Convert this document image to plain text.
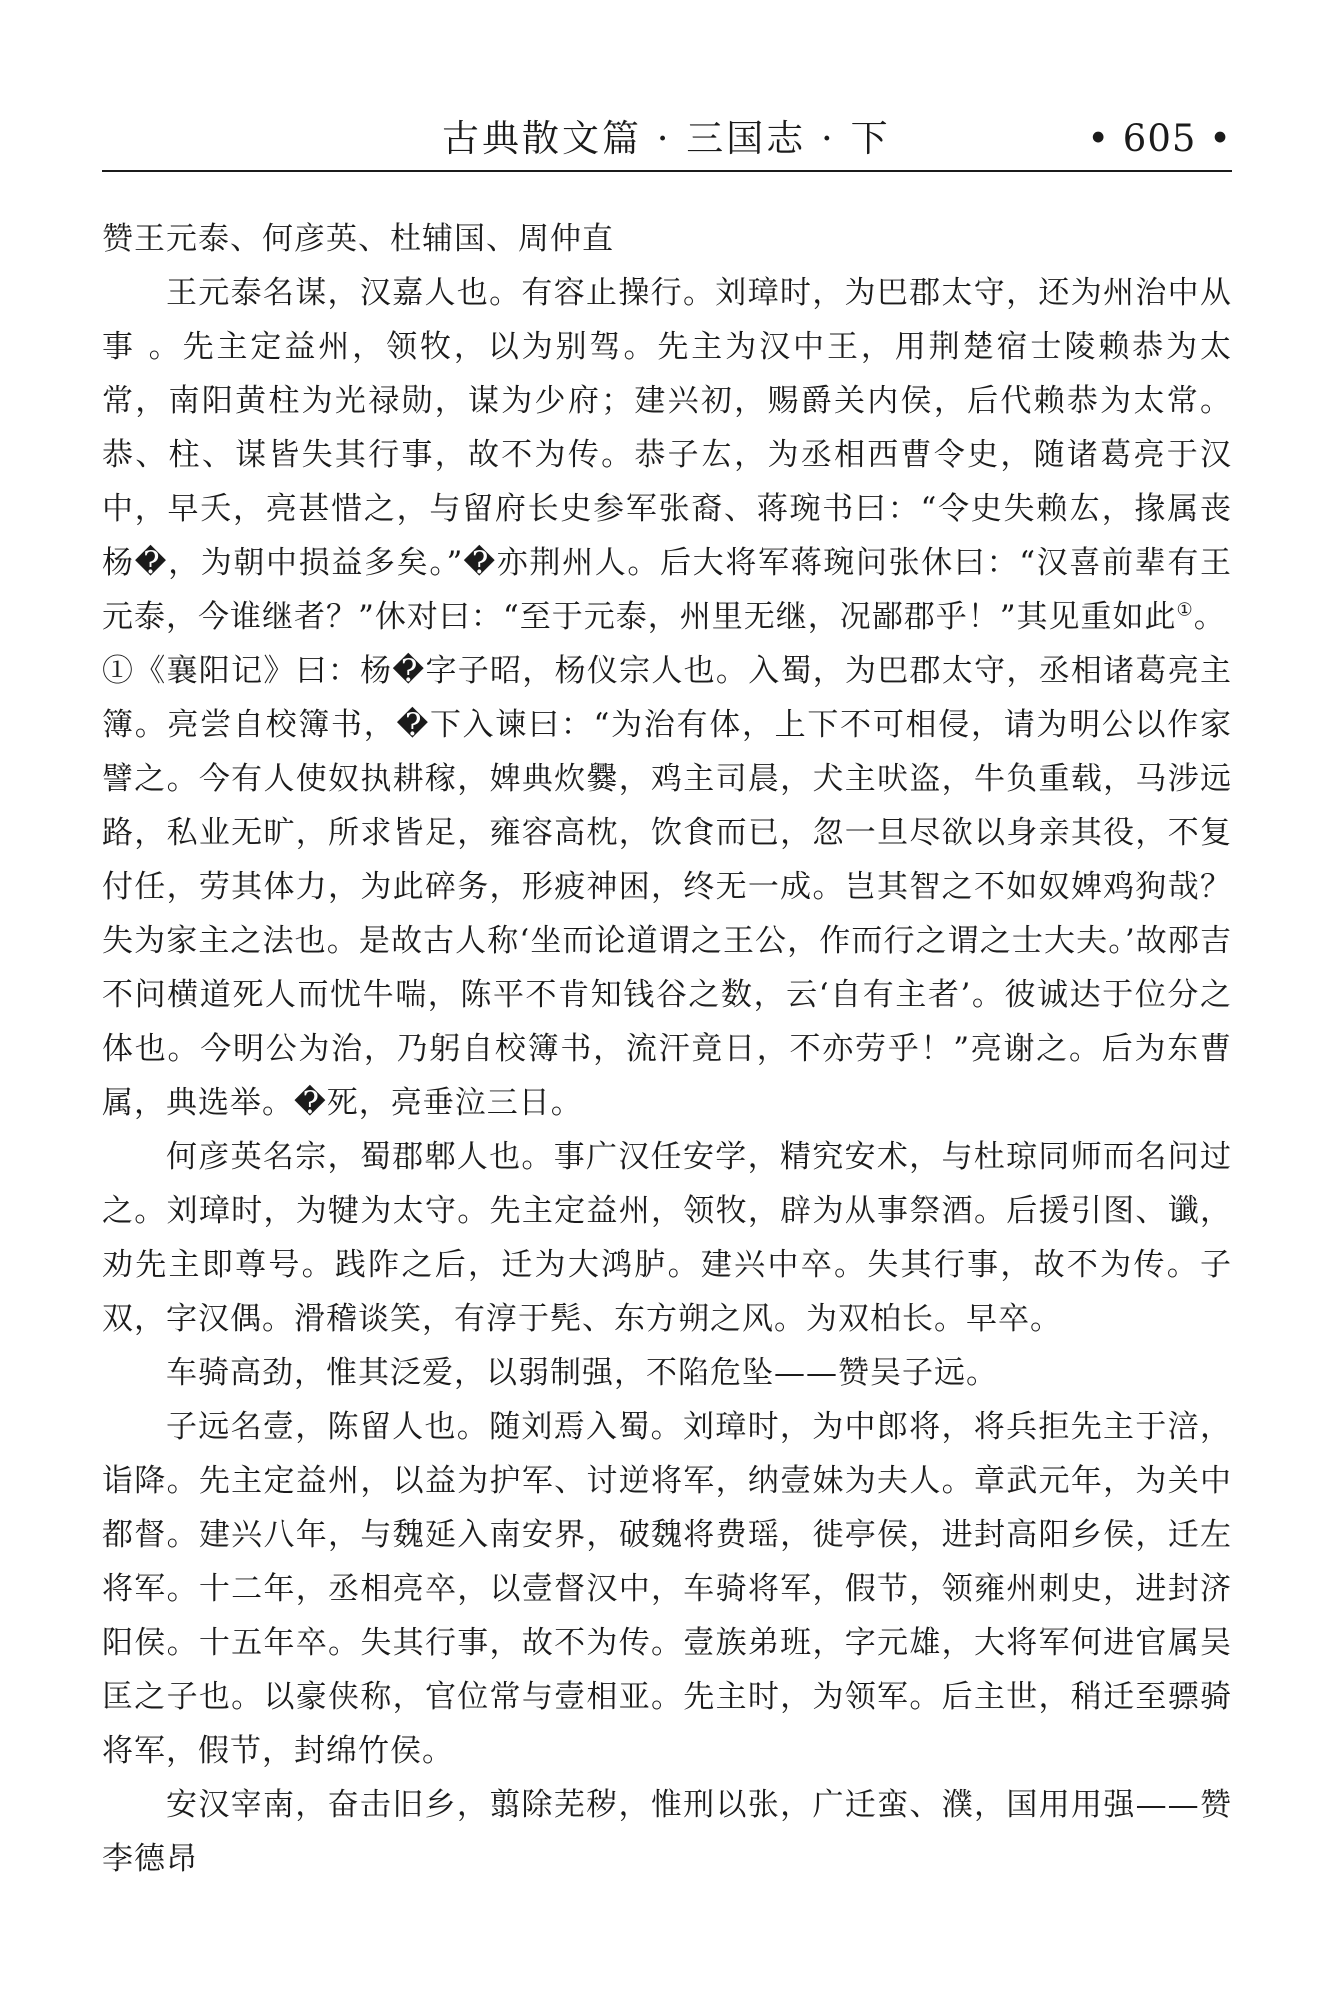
古典散文篇 · 三国志 · 下	• 605 •

赞王元泰、何彦英、杜辅国、周仲直

王元泰名谋，汉嘉人也。有容止操行。刘璋时，为巴郡太守，还为州治中从事 。先主定益州，领牧，以为别驾。先主为汉中王，用荆楚宿士陵赖恭为太常，南阳黄柱为光禄勋，谋为少府；建兴初，赐爵关内侯，后代赖恭为太常。恭、柱、谋皆失其行事，故不为传。恭子厷，为丞相西曹令史，随诸葛亮于汉中，早夭，亮甚惜之，与留府长史参军张裔、蒋琬书曰：“令史失赖厷，掾属丧杨�，为朝中损益多矣。”�亦荆州人。后大将军蒋琬问张休曰：“汉喜前辈有王元泰，今谁继者？”休对曰：“至于元泰，州里无继，况鄙郡乎！”其见重如此①。

①《襄阳记》曰：杨�字子昭，杨仪宗人也。入蜀，为巴郡太守，丞相诸葛亮主簿。亮尝自校簿书，�下入谏曰：“为治有体，上下不可相侵，请为明公以作家譬之。今有人使奴执耕稼，婢典炊爨，鸡主司晨，犬主吠盗，牛负重载，马涉远路，私业无旷，所求皆足，雍容高枕，饮食而已，忽一旦尽欲以身亲其役，不复付任，劳其体力，为此碎务，形疲神困，终无一成。岂其智之不如奴婢鸡狗哉？失为家主之法也。是故古人称‘坐而论道谓之王公，作而行之谓之士大夫。’故邴吉不问横道死人而忧牛喘，陈平不肯知钱谷之数，云‘自有主者’。彼诚达于位分之体也。今明公为治，乃躬自校簿书，流汗竟日，不亦劳乎！”亮谢之。后为东曹属，典选举。�死，亮垂泣三日。

何彦英名宗，蜀郡郫人也。事广汉任安学，精究安术，与杜琼同师而名问过之。刘璋时，为犍为太守。先主定益州，领牧，辟为从事祭酒。后援引图、谶，劝先主即尊号。践阼之后，迁为大鸿胪。建兴中卒。失其行事，故不为传。子双，字汉偶。滑稽谈笑，有淳于髡、东方朔之风。为双柏长。早卒。

车骑高劲，惟其泛爱，以弱制强，不陷危坠——赞吴子远。

子远名壹，陈留人也。随刘焉入蜀。刘璋时，为中郎将，将兵拒先主于涪，诣降。先主定益州，以益为护军、讨逆将军，纳壹妹为夫人。章武元年，为关中都督。建兴八年，与魏延入南安界，破魏将费瑶，徙亭侯，进封高阳乡侯，迁左将军。十二年，丞相亮卒，以壹督汉中，车骑将军，假节，领雍州刺史，进封济阳侯。十五年卒。失其行事，故不为传。壹族弟班，字元雄，大将军何进官属吴匡之子也。以豪侠称，官位常与壹相亚。先主时，为领军。后主世，稍迁至骠骑将军，假节，封绵竹侯。

安汉宰南，奋击旧乡，翦除芜秽，惟刑以张，广迁蛮、濮，国用用强——赞李德昂
